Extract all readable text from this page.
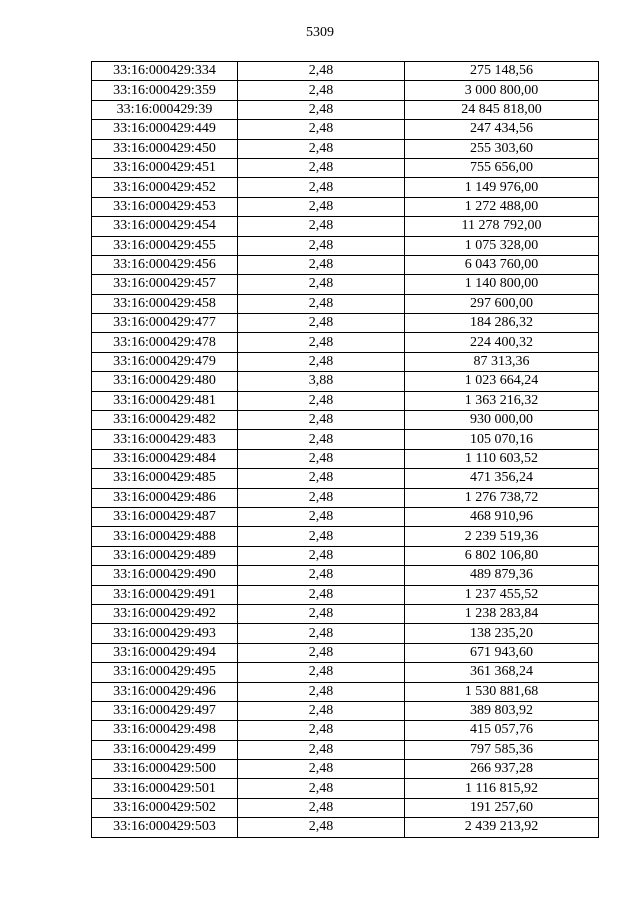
5309
33:16:000429:334	2,48	275 148,56
33:16:000429:359	2,48	3 000 800,00
33:16:000429:39	2,48	24 845 818,00
33:16:000429:449	2,48	247 434,56
33:16:000429:450	2,48	255 303,60
33:16:000429:451	2,48	755 656,00
33:16:000429:452	2,48	1 149 976,00
33:16:000429:453	2,48	1 272 488,00
33:16:000429:454	2,48	11 278 792,00
33:16:000429:455	2,48	1 075 328,00
33:16:000429:456	2,48	6 043 760,00
33:16:000429:457	2,48	1 140 800,00
33:16:000429:458	2,48	297 600,00
33:16:000429:477	2,48	184 286,32
33:16:000429:478	2,48	224 400,32
33:16:000429:479	2,48	87 313,36
33:16:000429:480	3,88	1 023 664,24
33:16:000429:481	2,48	1 363 216,32
33:16:000429:482	2,48	930 000,00
33:16:000429:483	2,48	105 070,16
33:16:000429:484	2,48	1 110 603,52
33:16:000429:485	2,48	471 356,24
33:16:000429:486	2,48	1 276 738,72
33:16:000429:487	2,48	468 910,96
33:16:000429:488	2,48	2 239 519,36
33:16:000429:489	2,48	6 802 106,80
33:16:000429:490	2,48	489 879,36
33:16:000429:491	2,48	1 237 455,52
33:16:000429:492	2,48	1 238 283,84
33:16:000429:493	2,48	138 235,20
33:16:000429:494	2,48	671 943,60
33:16:000429:495	2,48	361 368,24
33:16:000429:496	2,48	1 530 881,68
33:16:000429:497	2,48	389 803,92
33:16:000429:498	2,48	415 057,76
33:16:000429:499	2,48	797 585,36
33:16:000429:500	2,48	266 937,28
33:16:000429:501	2,48	1 116 815,92
33:16:000429:502	2,48	191 257,60
33:16:000429:503	2,48	2 439 213,92
